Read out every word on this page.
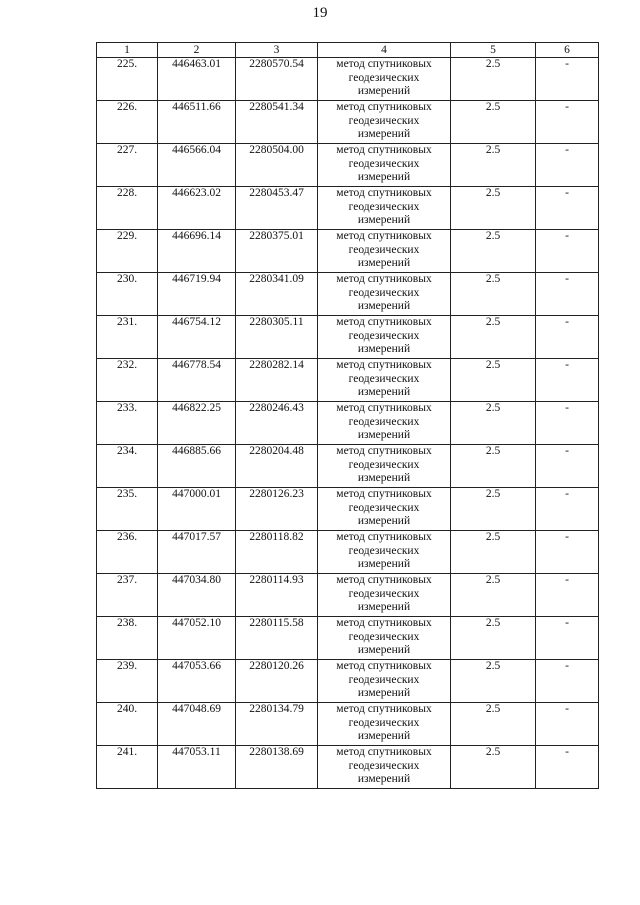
19
1	2	3	4	5	6
225.	446463.01	2280570.54	метод спутниковых
геодезических
измерений	2.5	-
226.	446511.66	2280541.34	метод спутниковых
геодезических
измерений	2.5	-
227.	446566.04	2280504.00	метод спутниковых
геодезических
измерений	2.5	-
228.	446623.02	2280453.47	метод спутниковых
геодезических
измерений	2.5	-
229.	446696.14	2280375.01	метод спутниковых
геодезических
измерений	2.5	-
230.	446719.94	2280341.09	метод спутниковых
геодезических
измерений	2.5	-
231.	446754.12	2280305.11	метод спутниковых
геодезических
измерений	2.5	-
232.	446778.54	2280282.14	метод спутниковых
геодезических
измерений	2.5	-
233.	446822.25	2280246.43	метод спутниковых
геодезических
измерений	2.5	-
234.	446885.66	2280204.48	метод спутниковых
геодезических
измерений	2.5	-
235.	447000.01	2280126.23	метод спутниковых
геодезических
измерений	2.5	-
236.	447017.57	2280118.82	метод спутниковых
геодезических
измерений	2.5	-
237.	447034.80	2280114.93	метод спутниковых
геодезических
измерений	2.5	-
238.	447052.10	2280115.58	метод спутниковых
геодезических
измерений	2.5	-
239.	447053.66	2280120.26	метод спутниковых
геодезических
измерений	2.5	-
240.	447048.69	2280134.79	метод спутниковых
геодезических
измерений	2.5	-
241.	447053.11	2280138.69	метод спутниковых
геодезических
измерений	2.5	-
